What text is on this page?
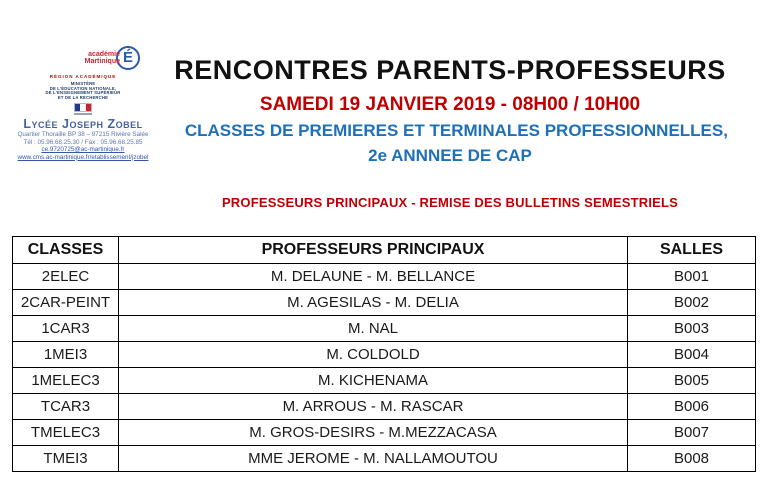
académie
Martinique É
RÉGION ACADÉMIQUE
MINISTÈRE
DE L'ÉDUCATION NATIONALE,
DE L'ENSEIGNEMENT SUPÉRIEUR
ET DE LA RECHERCHE
Lycée Joseph Zobel
Quartier Thoraille BP 38 – 97215 Rivière Salée
Tél : 05.96.68.25.30 / Fax : 05.96.68.25.85
ce.9720725@ac-martinique.fr
www.cms.ac-martinique.fr/etablissement/jzobel
RENCONTRES PARENTS-PROFESSEURS
SAMEDI 19 JANVIER 2019 - 08H00 / 10H00
CLASSES DE PREMIERES ET TERMINALES PROFESSIONNELLES,
2e ANNNEE DE CAP
PROFESSEURS PRINCIPAUX - REMISE DES BULLETINS SEMESTRIELS
CLASSES	PROFESSEURS PRINCIPAUX	SALLES
2ELEC	M. DELAUNE - M. BELLANCE	B001
2CAR-PEINT	M. AGESILAS - M. DELIA	B002
1CAR3	M. NAL	B003
1MEI3	M. COLDOLD	B004
1MELEC3	M. KICHENAMA	B005
TCAR3	M. ARROUS - M. RASCAR	B006
TMELEC3	M. GROS-DESIRS - M.MEZZACASA	B007
TMEI3	MME JEROME - M. NALLAMOUTOU	B008
